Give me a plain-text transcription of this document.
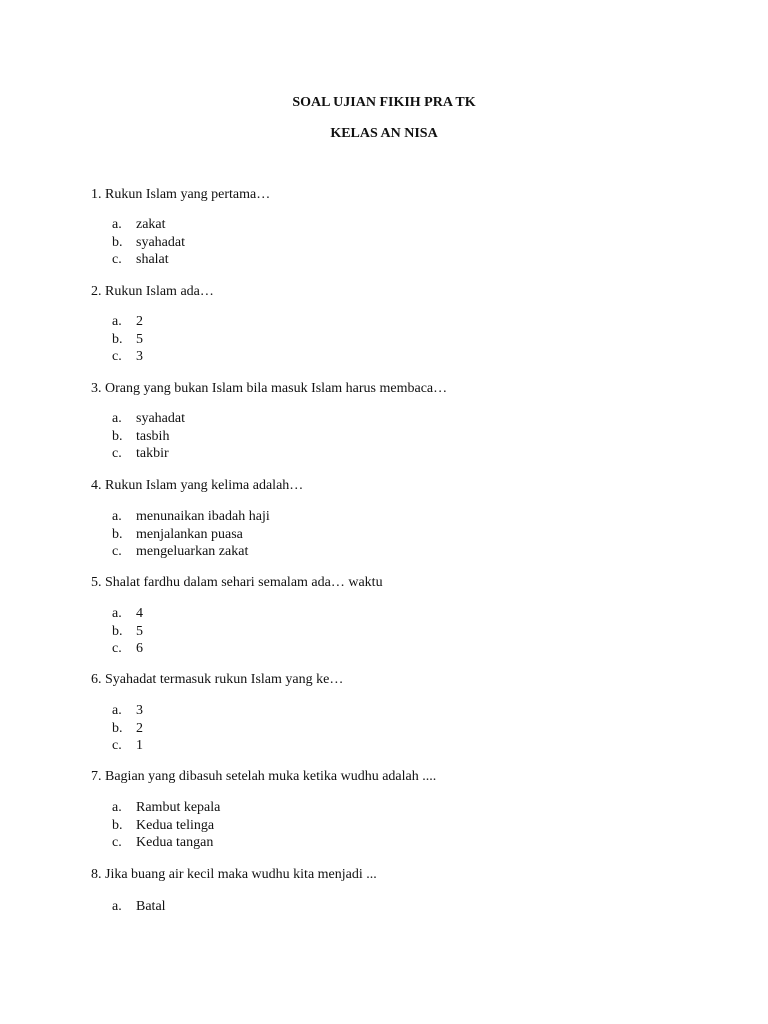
SOAL UJIAN FIKIH PRA TK
KELAS AN NISA
1. Rukun Islam yang pertama…
a. zakat
b. syahadat
c. shalat
2. Rukun Islam ada…
a. 2
b. 5
c. 3
3. Orang yang bukan Islam bila masuk Islam harus membaca…
a. syahadat
b. tasbih
c. takbir
4. Rukun Islam yang kelima adalah…
a. menunaikan ibadah haji
b. menjalankan puasa
c. mengeluarkan zakat
5. Shalat fardhu dalam sehari semalam ada… waktu
a. 4
b. 5
c. 6
6. Syahadat termasuk rukun Islam yang ke…
a. 3
b. 2
c. 1
7. Bagian yang dibasuh setelah muka ketika wudhu adalah ....
a. Rambut kepala
b. Kedua telinga
c. Kedua tangan
8. Jika buang air kecil maka wudhu kita menjadi ...
a. Batal
